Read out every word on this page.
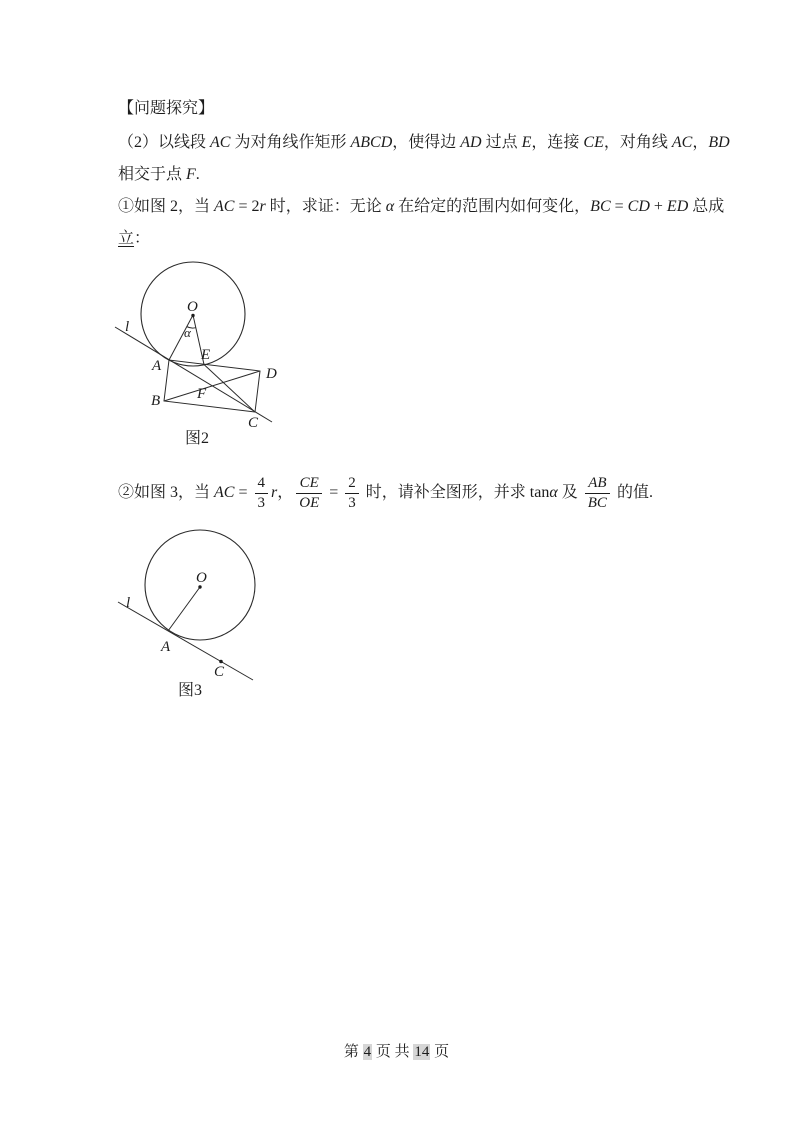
【问题探究】
（2）以线段 AC 为对角线作矩形 ABCD，使得边 AD 过点 E，连接 CE，对角线 AC，BD
相交于点 F.
①如图 2，当 AC = 2r 时，求证：无论 α 在给定的范围内如何变化，BC = CD + ED 总成
立：
O
α
l
A
B
C
D
E
F
图2
②如图 3，当 AC = $\frac{4}{3}$ r ， $\frac{CE}{OE} = \frac{2}{3}$ 时，请补全图形，并求 tan α 及 $\frac{AB}{BC}$ 的值.
O
l
A
C
图3
第 4 页 共 14 页
